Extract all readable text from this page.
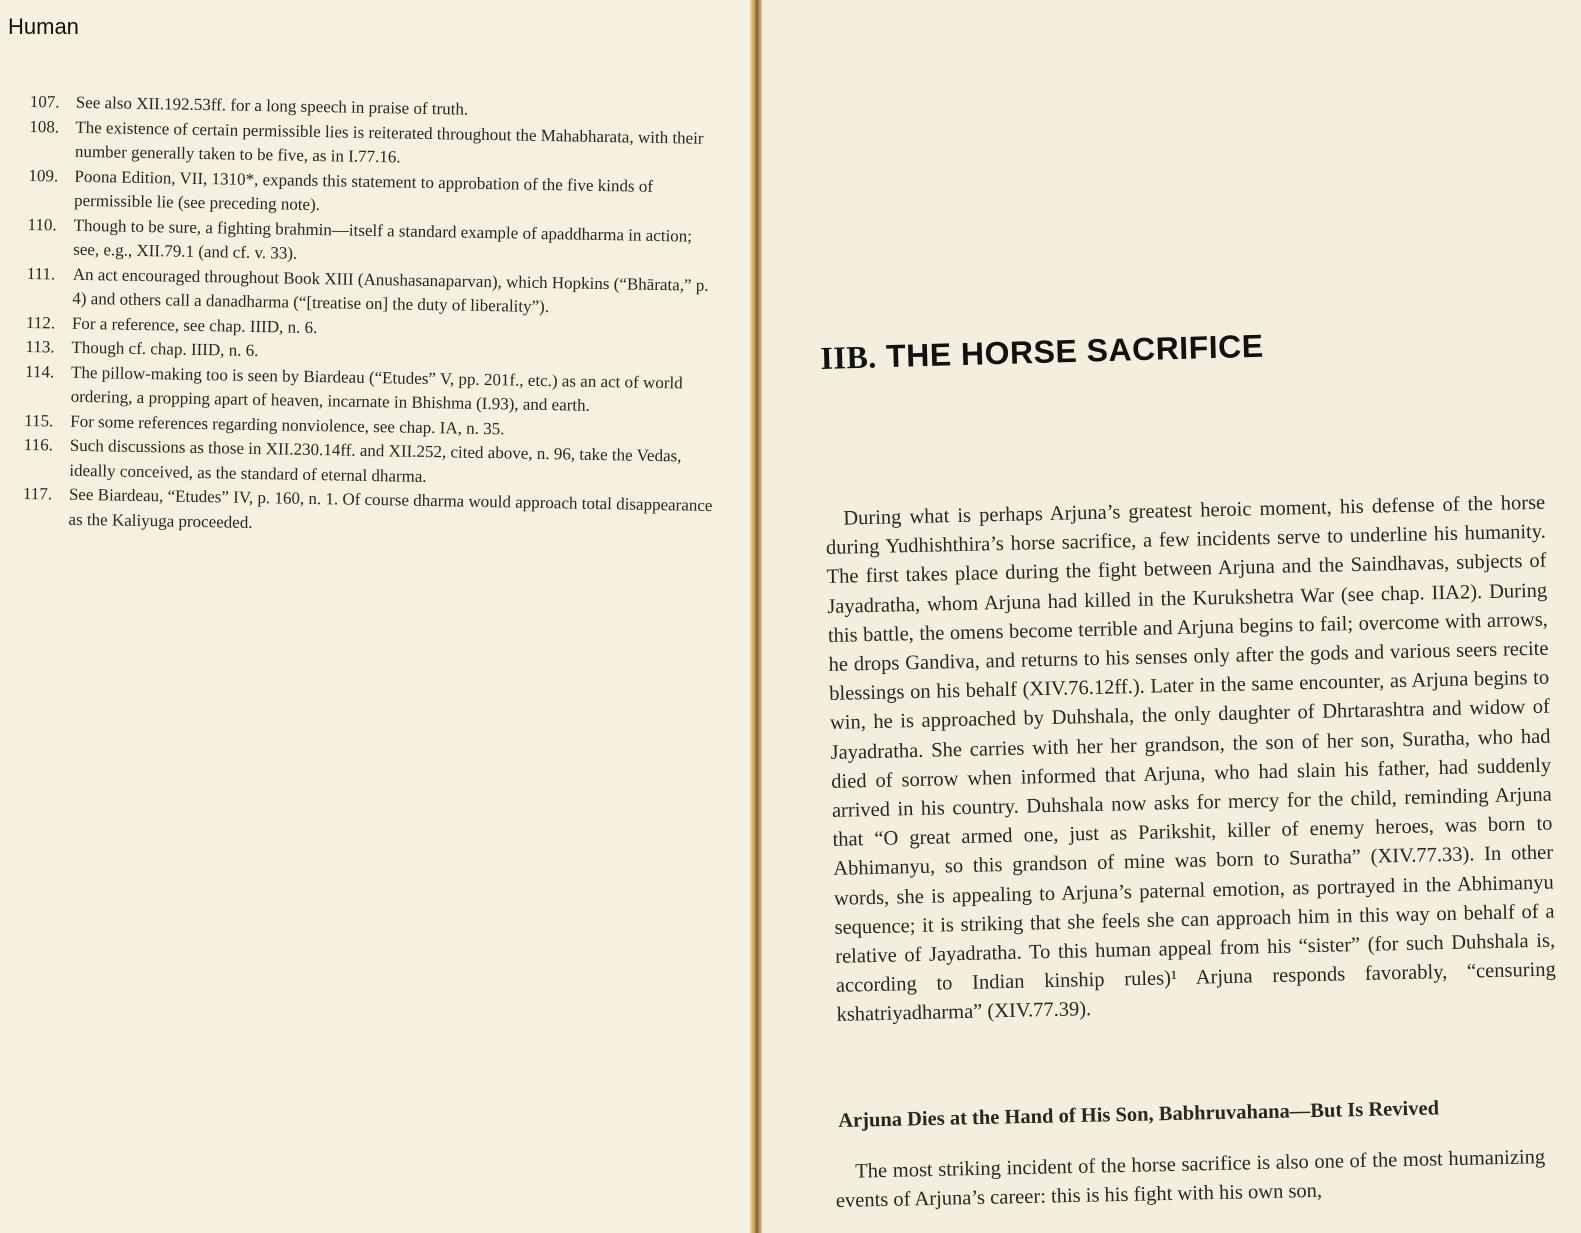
Human
107. See also XII.192.53ff. for a long speech in praise of truth.
108. The existence of certain permissible lies is reiterated throughout the Mahabharata, with their number generally taken to be five, as in I.77.16.
109. Poona Edition, VII, 1310*, expands this statement to approbation of the five kinds of permissible lie (see preceding note).
110. Though to be sure, a fighting brahmin—itself a standard example of apaddharma in action; see, e.g., XII.79.1 (and cf. v. 33).
111.	An act encouraged throughout Book XIII (Anushasanaparvan), which Hopkins (“Bhārata,” p. 4) and others call a danadharma (“[treatise on] the duty of liberality”).
112. For a reference, see chap. IIID, n. 6.
113. Though cf. chap. IIID, n. 6.
114. The pillow-making too is seen by Biardeau (“Etudes” V, pp. 201f., etc.) as an act of world ordering, a propping apart of heaven, incarnate in Bhishma (I.93), and earth.
115. For some references regarding nonviolence, see chap. IA, n. 35.
116. Such discussions as those in XII.230.14ff. and XII.252, cited above, n. 96, take the Vedas, ideally conceived, as the standard of eternal dharma.
117. See Biardeau, “Etudes” IV, p. 160, n. 1. Of course dharma would approach total disappearance as the Kaliyuga proceeded.
IIB. THE HORSE SACRIFICE

During what is perhaps Arjuna’s greatest heroic moment, his defense of the horse during Yudhishthira’s horse sacrifice, a few incidents serve to underline his humanity. The first takes place during the fight between Arjuna and the Saindhavas, subjects of Jayadratha, whom Arjuna had killed in the Kurukshetra War (see chap. IIA2). During this battle, the omens become terrible and Arjuna begins to fail; overcome with arrows, he drops Gandiva, and returns to his senses only after the gods and various seers recite blessings on his behalf (XIV.76.12ff.). Later in the same encounter, as Arjuna begins to win, he is approached by Duhshala, the only daughter of Dhrtarashtra and widow of Jayadratha. She carries with her her grandson, the son of her son, Suratha, who had died of sorrow when informed that Arjuna, who had slain his father, had suddenly arrived in his country. Duhshala now asks for mercy for the child, reminding Arjuna that “O great armed one, just as Parikshit, killer of enemy heroes, was born to Abhimanyu, so this grandson of mine was born to Suratha” (XIV.77.33). In other words, she is appealing to Arjuna’s paternal emotion, as portrayed in the Abhimanyu sequence; it is striking that she feels she can approach him in this way on behalf of a relative of Jayadratha. To this human appeal from his “sister” (for such Duhshala is, according to Indian kinship rules)¹ Arjuna responds favorably, “censuring kshatriyadharma” (XIV.77.39).

Arjuna Dies at the Hand of His Son, Babhruvahana—But Is Revived

The most striking incident of the horse sacrifice is also one of the most humanizing events of Arjuna’s career: this is his fight with his own son,
